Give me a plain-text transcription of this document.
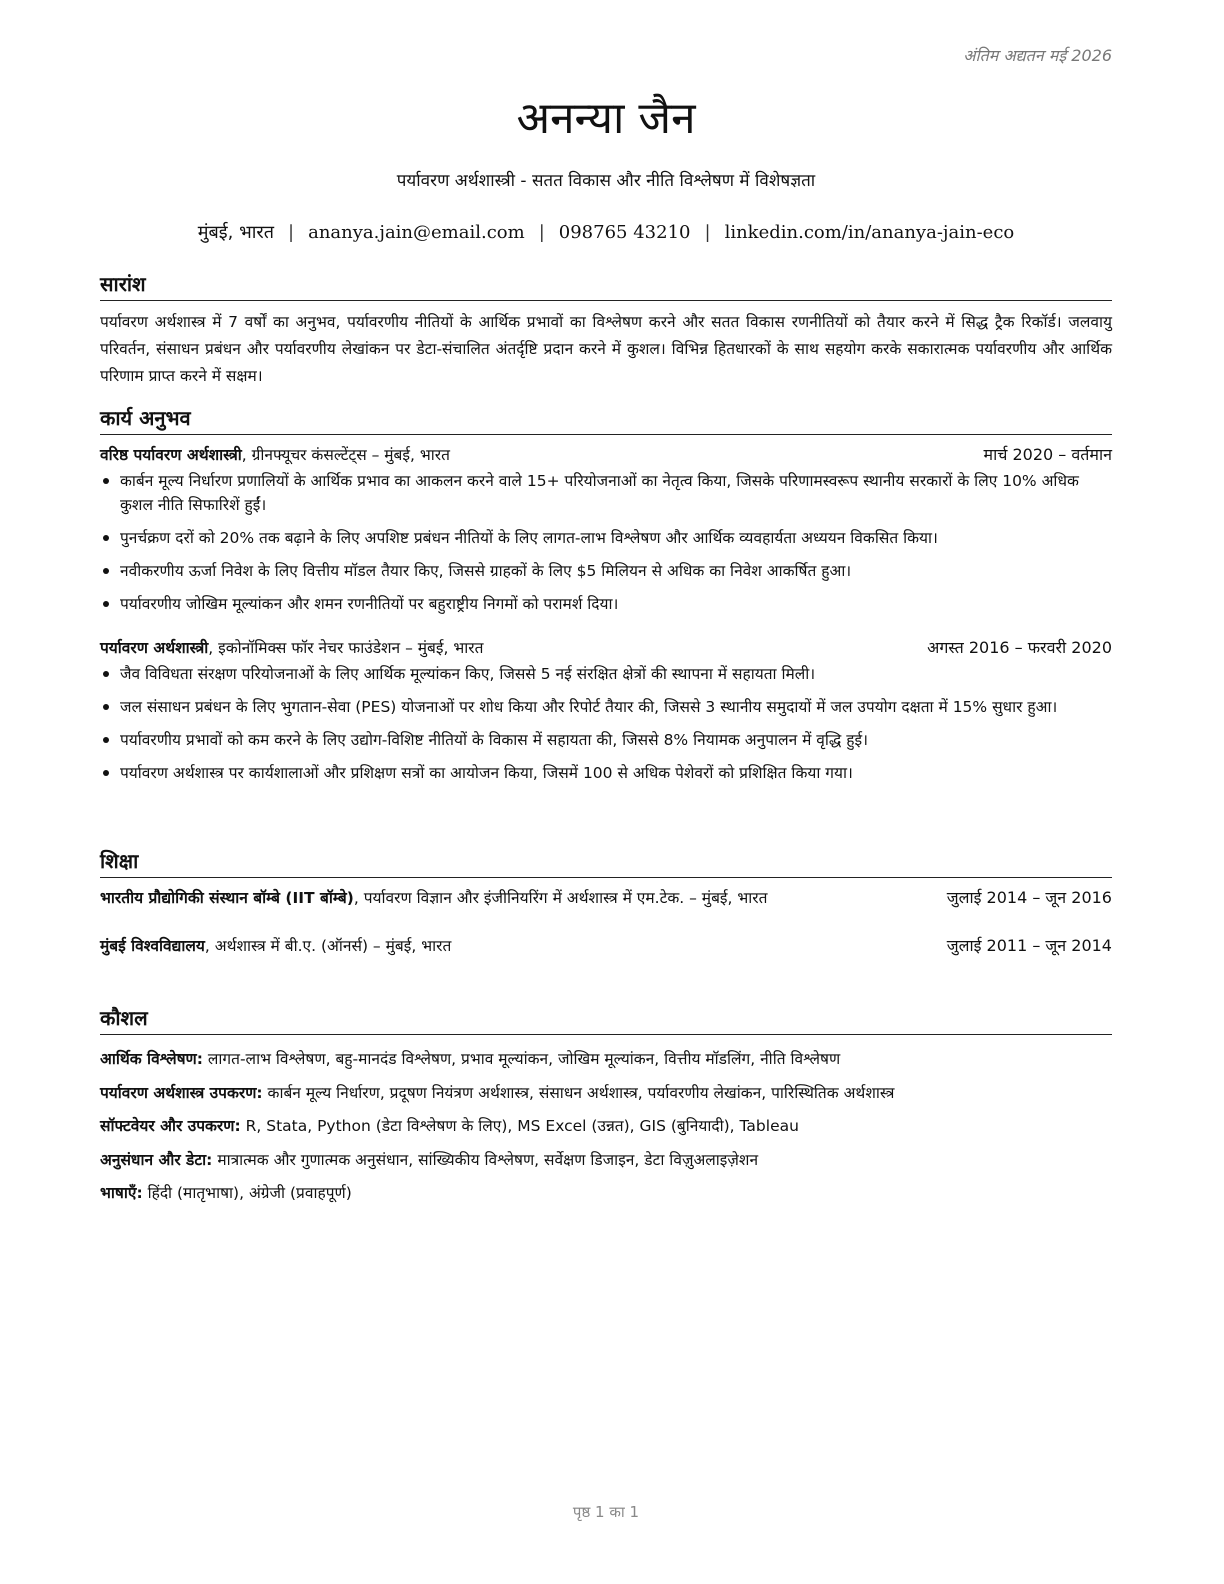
अंतिम अद्यतन मई 2026
अनन्या जैन
पर्यावरण अर्थशास्त्री - सतत विकास और नीति विश्लेषण में विशेषज्ञता
मुंबई, भारत | ananya.jain@email.com | 098765 43210 | linkedin.com/in/ananya-jain-eco
सारांश
पर्यावरण अर्थशास्त्र में 7 वर्षों का अनुभव, पर्यावरणीय नीतियों के आर्थिक प्रभावों का विश्लेषण करने और सतत विकास रणनीतियों को तैयार करने में सिद्ध ट्रैक रिकॉर्ड। जलवायु परिवर्तन, संसाधन प्रबंधन और पर्यावरणीय लेखांकन पर डेटा-संचालित अंतर्दृष्टि प्रदान करने में कुशल। विभिन्न हितधारकों के साथ सहयोग करके सकारात्मक पर्यावरणीय और आर्थिक परिणाम प्राप्त करने में सक्षम।
कार्य अनुभव
वरिष्ठ पर्यावरण अर्थशास्त्री, ग्रीनफ्यूचर कंसल्टेंट्स – मुंबई, भारत	मार्च 2020 – वर्तमान
कार्बन मूल्य निर्धारण प्रणालियों के आर्थिक प्रभाव का आकलन करने वाले 15+ परियोजनाओं का नेतृत्व किया, जिसके परिणामस्वरूप स्थानीय सरकारों के लिए 10% अधिक कुशल नीति सिफारिशें हुईं।
पुनर्चक्रण दरों को 20% तक बढ़ाने के लिए अपशिष्ट प्रबंधन नीतियों के लिए लागत-लाभ विश्लेषण और आर्थिक व्यवहार्यता अध्ययन विकसित किया।
नवीकरणीय ऊर्जा निवेश के लिए वित्तीय मॉडल तैयार किए, जिससे ग्राहकों के लिए $5 मिलियन से अधिक का निवेश आकर्षित हुआ।
पर्यावरणीय जोखिम मूल्यांकन और शमन रणनीतियों पर बहुराष्ट्रीय निगमों को परामर्श दिया।
पर्यावरण अर्थशास्त्री, इकोनॉमिक्स फॉर नेचर फाउंडेशन – मुंबई, भारत	अगस्त 2016 – फरवरी 2020
जैव विविधता संरक्षण परियोजनाओं के लिए आर्थिक मूल्यांकन किए, जिससे 5 नई संरक्षित क्षेत्रों की स्थापना में सहायता मिली।
जल संसाधन प्रबंधन के लिए भुगतान-सेवा (PES) योजनाओं पर शोध किया और रिपोर्ट तैयार की, जिससे 3 स्थानीय समुदायों में जल उपयोग दक्षता में 15% सुधार हुआ।
पर्यावरणीय प्रभावों को कम करने के लिए उद्योग-विशिष्ट नीतियों के विकास में सहायता की, जिससे 8% नियामक अनुपालन में वृद्धि हुई।
पर्यावरण अर्थशास्त्र पर कार्यशालाओं और प्रशिक्षण सत्रों का आयोजन किया, जिसमें 100 से अधिक पेशेवरों को प्रशिक्षित किया गया।
शिक्षा
भारतीय प्रौद्योगिकी संस्थान बॉम्बे (IIT बॉम्बे), पर्यावरण विज्ञान और इंजीनियरिंग में अर्थशास्त्र में एम.टेक. – मुंबई, भारत	जुलाई 2014 – जून 2016
मुंबई विश्वविद्यालय, अर्थशास्त्र में बी.ए. (ऑनर्स) – मुंबई, भारत	जुलाई 2011 – जून 2014
कौशल
आर्थिक विश्लेषण: लागत-लाभ विश्लेषण, बहु-मानदंड विश्लेषण, प्रभाव मूल्यांकन, जोखिम मूल्यांकन, वित्तीय मॉडलिंग, नीति विश्लेषण
पर्यावरण अर्थशास्त्र उपकरण: कार्बन मूल्य निर्धारण, प्रदूषण नियंत्रण अर्थशास्त्र, संसाधन अर्थशास्त्र, पर्यावरणीय लेखांकन, पारिस्थितिक अर्थशास्त्र
सॉफ्टवेयर और उपकरण: R, Stata, Python (डेटा विश्लेषण के लिए), MS Excel (उन्नत), GIS (बुनियादी), Tableau
अनुसंधान और डेटा: मात्रात्मक और गुणात्मक अनुसंधान, सांख्यिकीय विश्लेषण, सर्वेक्षण डिजाइन, डेटा विज़ुअलाइज़ेशन
भाषाएँ: हिंदी (मातृभाषा), अंग्रेजी (प्रवाहपूर्ण)
पृष्ठ 1 का 1
